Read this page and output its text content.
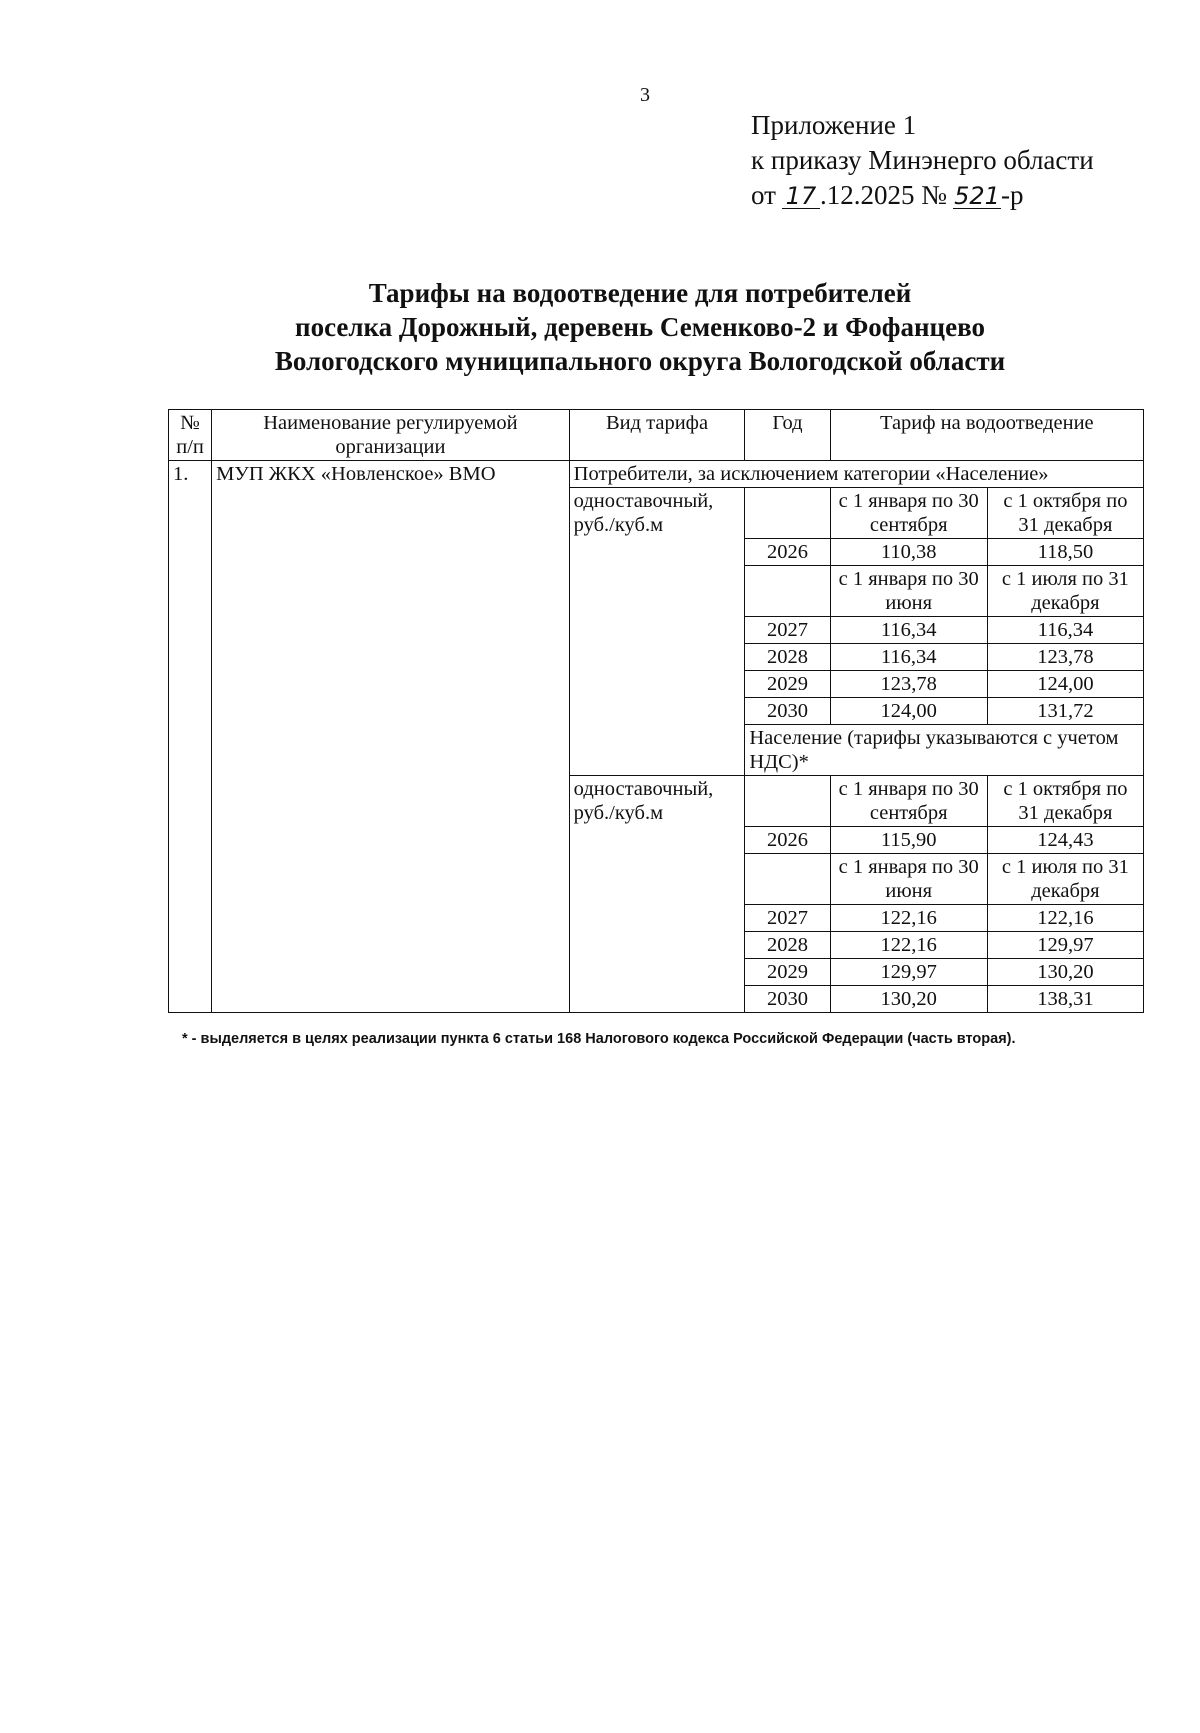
3
Приложение 1
к приказу Минэнерго области
от 17 .12.2025 № 521-р
Тарифы на водоотведение для потребителей
поселка Дорожный, деревень Семенково-2 и Фофанцево
Вологодского муниципального округа Вологодской области
№ п/п	Наименование регулируемой организации	Вид тарифа	Год	Тариф на водоотведение	
1.	МУП ЖКХ «Новленское» ВМО	Потребители, за исключением категории «Население»			
		одноставочный, руб./куб.м		с 1 января по 30 сентября	с 1 октября по 31 декабря
			2026	110,38	118,50
				с 1 января по 30 июня	с 1 июля по 31 декабря
			2027	116,34	116,34
			2028	116,34	123,78
			2029	123,78	124,00
			2030	124,00	131,72
			Население (тарифы указываются с учетом НДС)*		
		одноставочный, руб./куб.м		с 1 января по 30 сентября	с 1 октября по 31 декабря
			2026	115,90	124,43
				с 1 января по 30 июня	с 1 июля по 31 декабря
			2027	122,16	122,16
			2028	122,16	129,97
			2029	129,97	130,20
			2030	130,20	138,31
* - выделяется в целях реализации пункта 6 статьи 168 Налогового кодекса Российской Федерации (часть вторая).
